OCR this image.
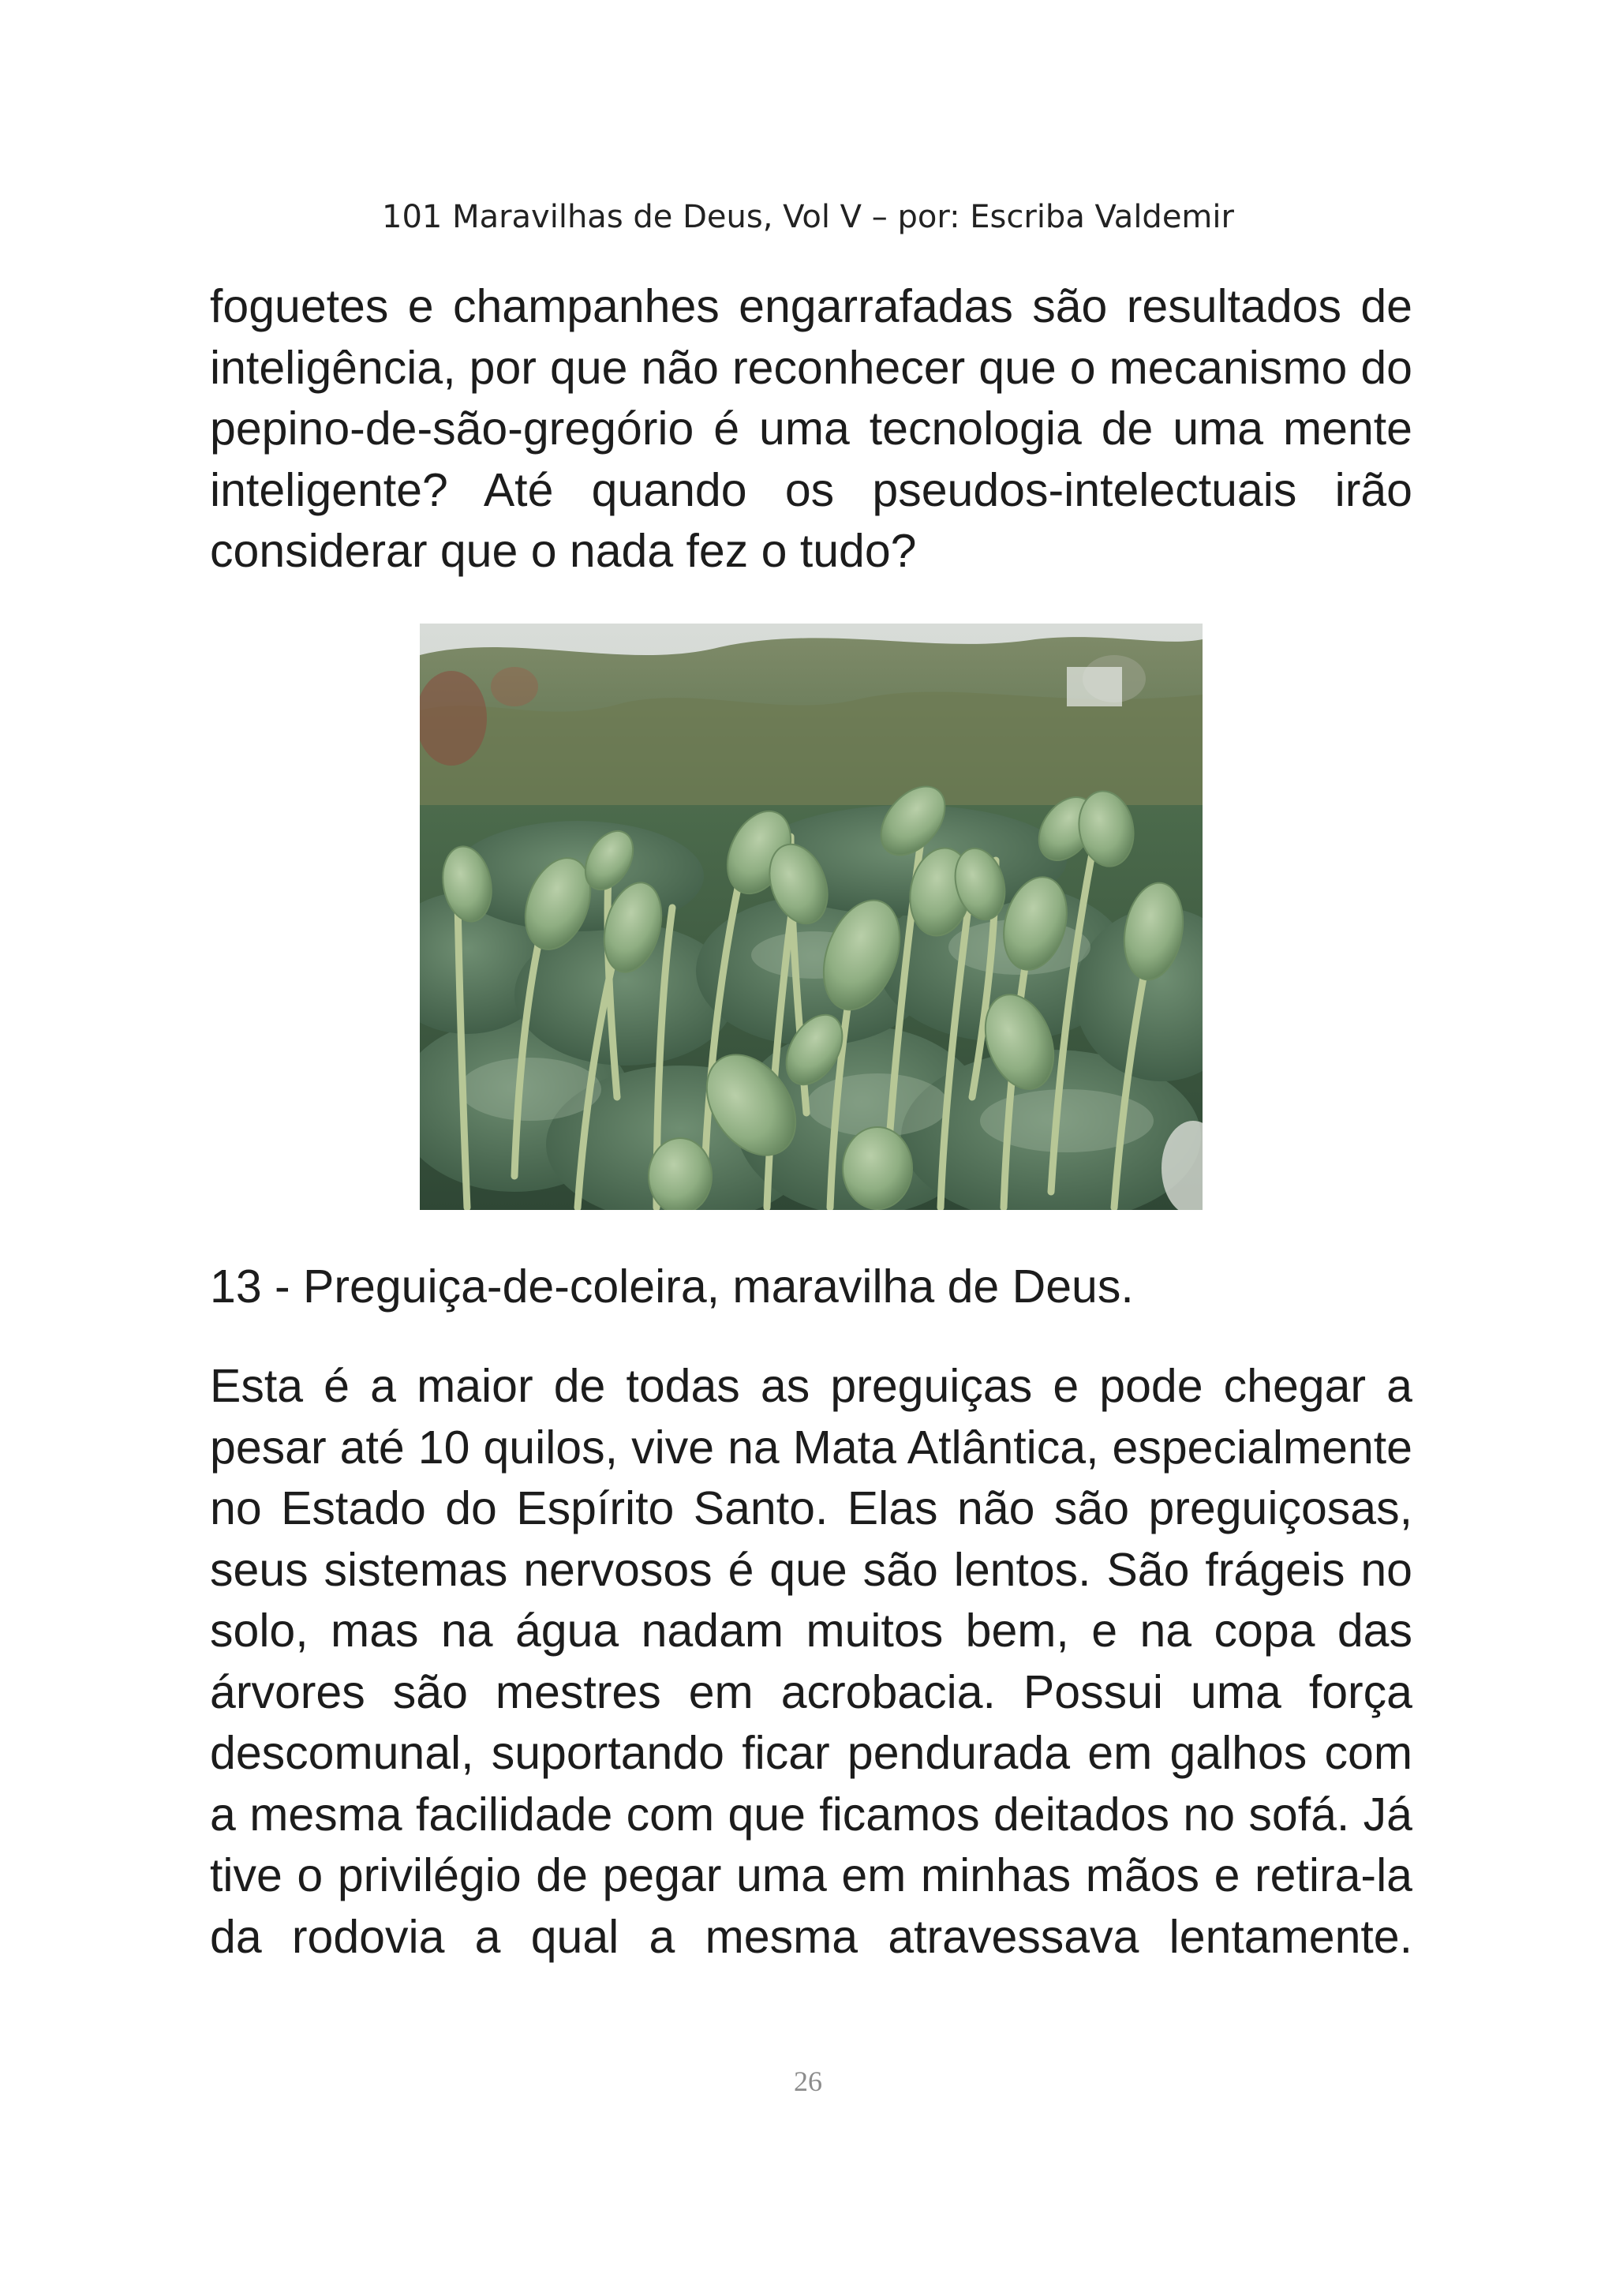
101 Maravilhas de Deus, Vol V – por: Escriba Valdemir

foguetes e champanhes engarrafadas são resultados de inteligência, por que não reconhecer que o mecanismo do pepino-de-são-gregório é uma tecnologia de uma mente inteligente? Até quando os pseudos-intelectuais irão considerar que o nada fez o tudo?

13 - Preguiça-de-coleira, maravilha de Deus.

Esta é a maior de todas as preguiças e pode chegar a pesar até 10 quilos, vive na Mata Atlântica, especialmente no Estado do Espírito Santo. Elas não são preguiçosas, seus sistemas nervosos é que são lentos. São frágeis no solo, mas na água nadam muitos bem, e na copa das árvores são mestres em acrobacia. Possui uma força descomunal, suportando ficar pendurada em galhos com a mesma facilidade com que ficamos deitados no sofá. Já tive o privilégio de pegar uma em minhas mãos e retira-la da rodovia a qual a mesma atravessava lentamente.

26
